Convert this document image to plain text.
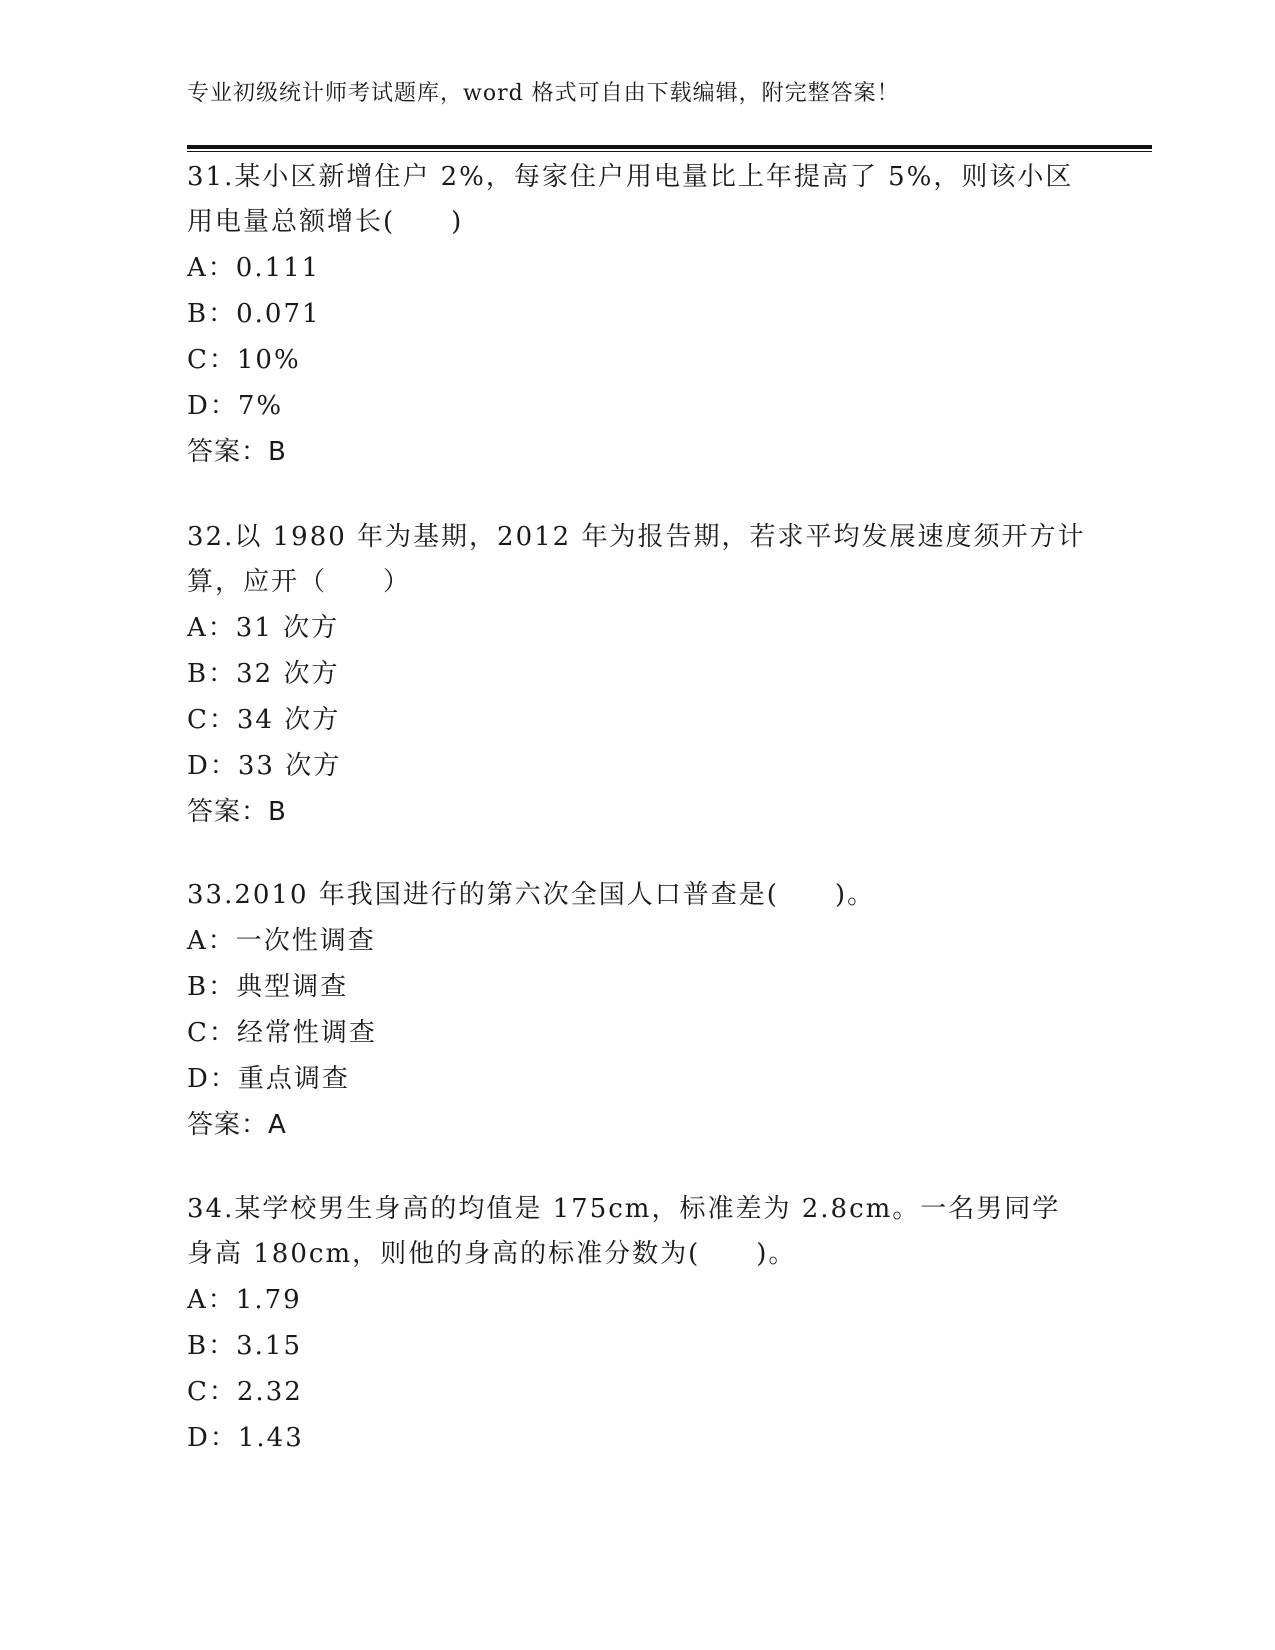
专业初级统计师考试题库，word 格式可自由下载编辑，附完整答案！

31.某小区新增住户 2%，每家住户用电量比上年提高了 5%，则该小区用电量总额增长(　　)

A：0.111

B：0.071

C：10%

D：7%

答案：B

32.以 1980 年为基期，2012 年为报告期，若求平均发展速度须开方计算，应开（　　）

A：31 次方

B：32 次方

C：34 次方

D：33 次方

答案：B

33.2010 年我国进行的第六次全国人口普查是(　　)。

A：一次性调查

B：典型调查

C：经常性调查

D：重点调查

答案：A

34.某学校男生身高的均值是 175cm，标准差为 2.8cm。一名男同学身高 180cm，则他的身高的标准分数为(　　)。

A：1.79

B：3.15

C：2.32

D：1.43
